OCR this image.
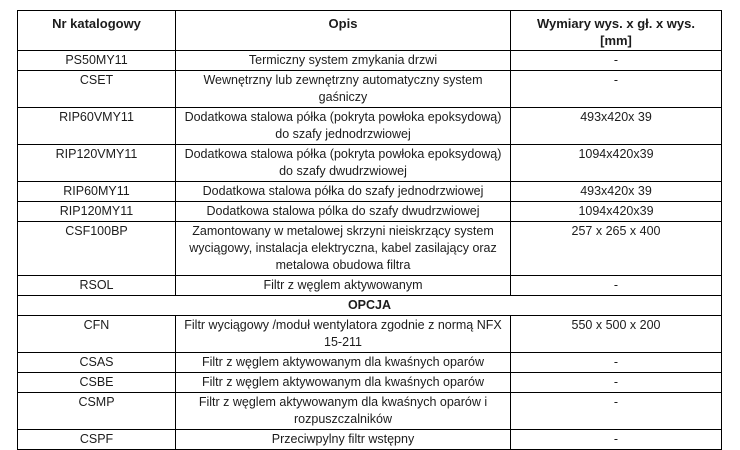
Nr katalogowy	Opis	Wymiary wys. x gł. x wys.
[mm]
PS50MY11	Termiczny system zmykania drzwi	-
CSET	Wewnętrzny lub zewnętrzny automatyczny system gaśniczy	-
RIP60VMY11	Dodatkowa stalowa półka (pokryta powłoka epoksydową) do szafy jednodrzwiowej	493x420x 39
RIP120VMY11	Dodatkowa stalowa półka (pokryta powłoka epoksydową) do szafy dwudrzwiowej	1094x420x39
RIP60MY11	Dodatkowa stalowa półka do szafy jednodrzwiowej	493x420x 39
RIP120MY11	Dodatkowa stalowa pólka do szafy dwudrzwiowej	1094x420x39
CSF100BP	Zamontowany w metalowej skrzyni nieiskrzący system wyciągowy, instalacja elektryczna, kabel zasilający oraz metalowa obudowa filtra	257 x 265 x 400
RSOL	Filtr z węglem aktywowanym	-
OPCJA		
CFN	Filtr wyciągowy /moduł wentylatora zgodnie z normą NFX 15-211	550 x 500 x 200
CSAS	Filtr z węglem aktywowanym dla kwaśnych oparów	-
CSBE	Filtr z węglem aktywowanym dla kwaśnych oparów	-
CSMP	Filtr z węglem aktywowanym dla kwaśnych oparów i rozpuszczalników	-
CSPF	Przeciwpylny filtr wstępny	-
